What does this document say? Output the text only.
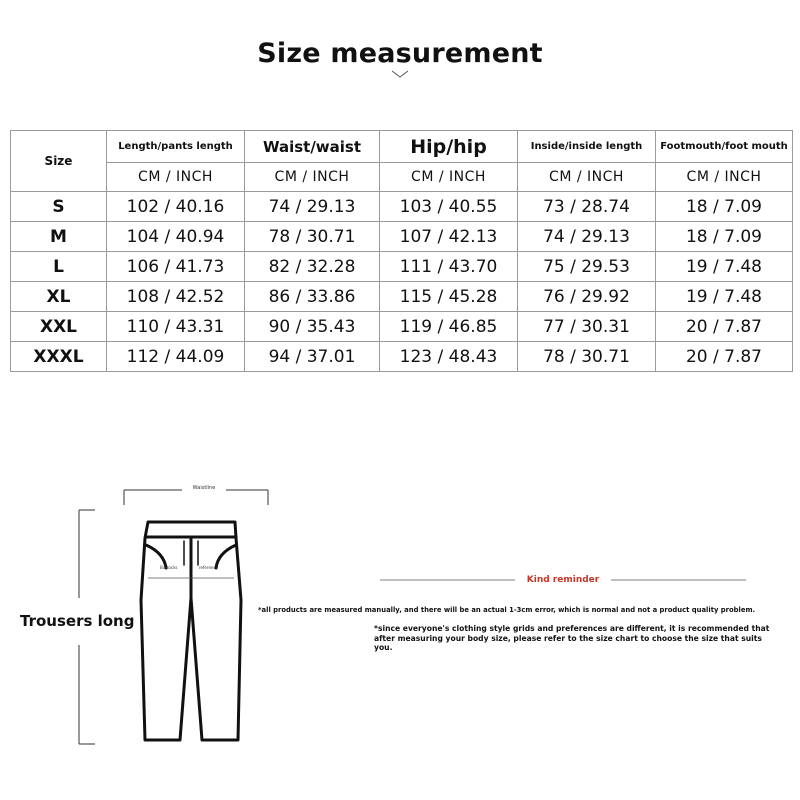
Size measurement
Size	Length/pants length	Waist/waist	Hip/hip	Inside/inside length	Footmouth/foot mouth
	CM / INCH	CM / INCH	CM / INCH	CM / INCH	CM / INCH
S	102 / 40.16	74 / 29.13	103 / 40.55	73 / 28.74	18 / 7.09
M	104 / 40.94	78 / 30.71	107 / 42.13	74 / 29.13	18 / 7.09
L	106 / 41.73	82 / 32.28	111 / 43.70	75 / 29.53	19 / 7.48
XL	108 / 42.52	86 / 33.86	115 / 45.28	76 / 29.92	19 / 7.48
XXL	110 / 43.31	90 / 35.43	119 / 46.85	77 / 30.31	20 / 7.87
XXXL	112 / 44.09	94 / 37.01	123 / 48.43	78 / 30.71	20 / 7.87
Waistline
Buttocks	reference
Trousers long
Kind reminder
*all products are measured manually, and there will be an actual 1-3cm error, which is normal and not a product quality problem.
*since everyone's clothing style grids and preferences are different, it is recommended that after measuring your body size, please refer to the size chart to choose the size that suits you.
